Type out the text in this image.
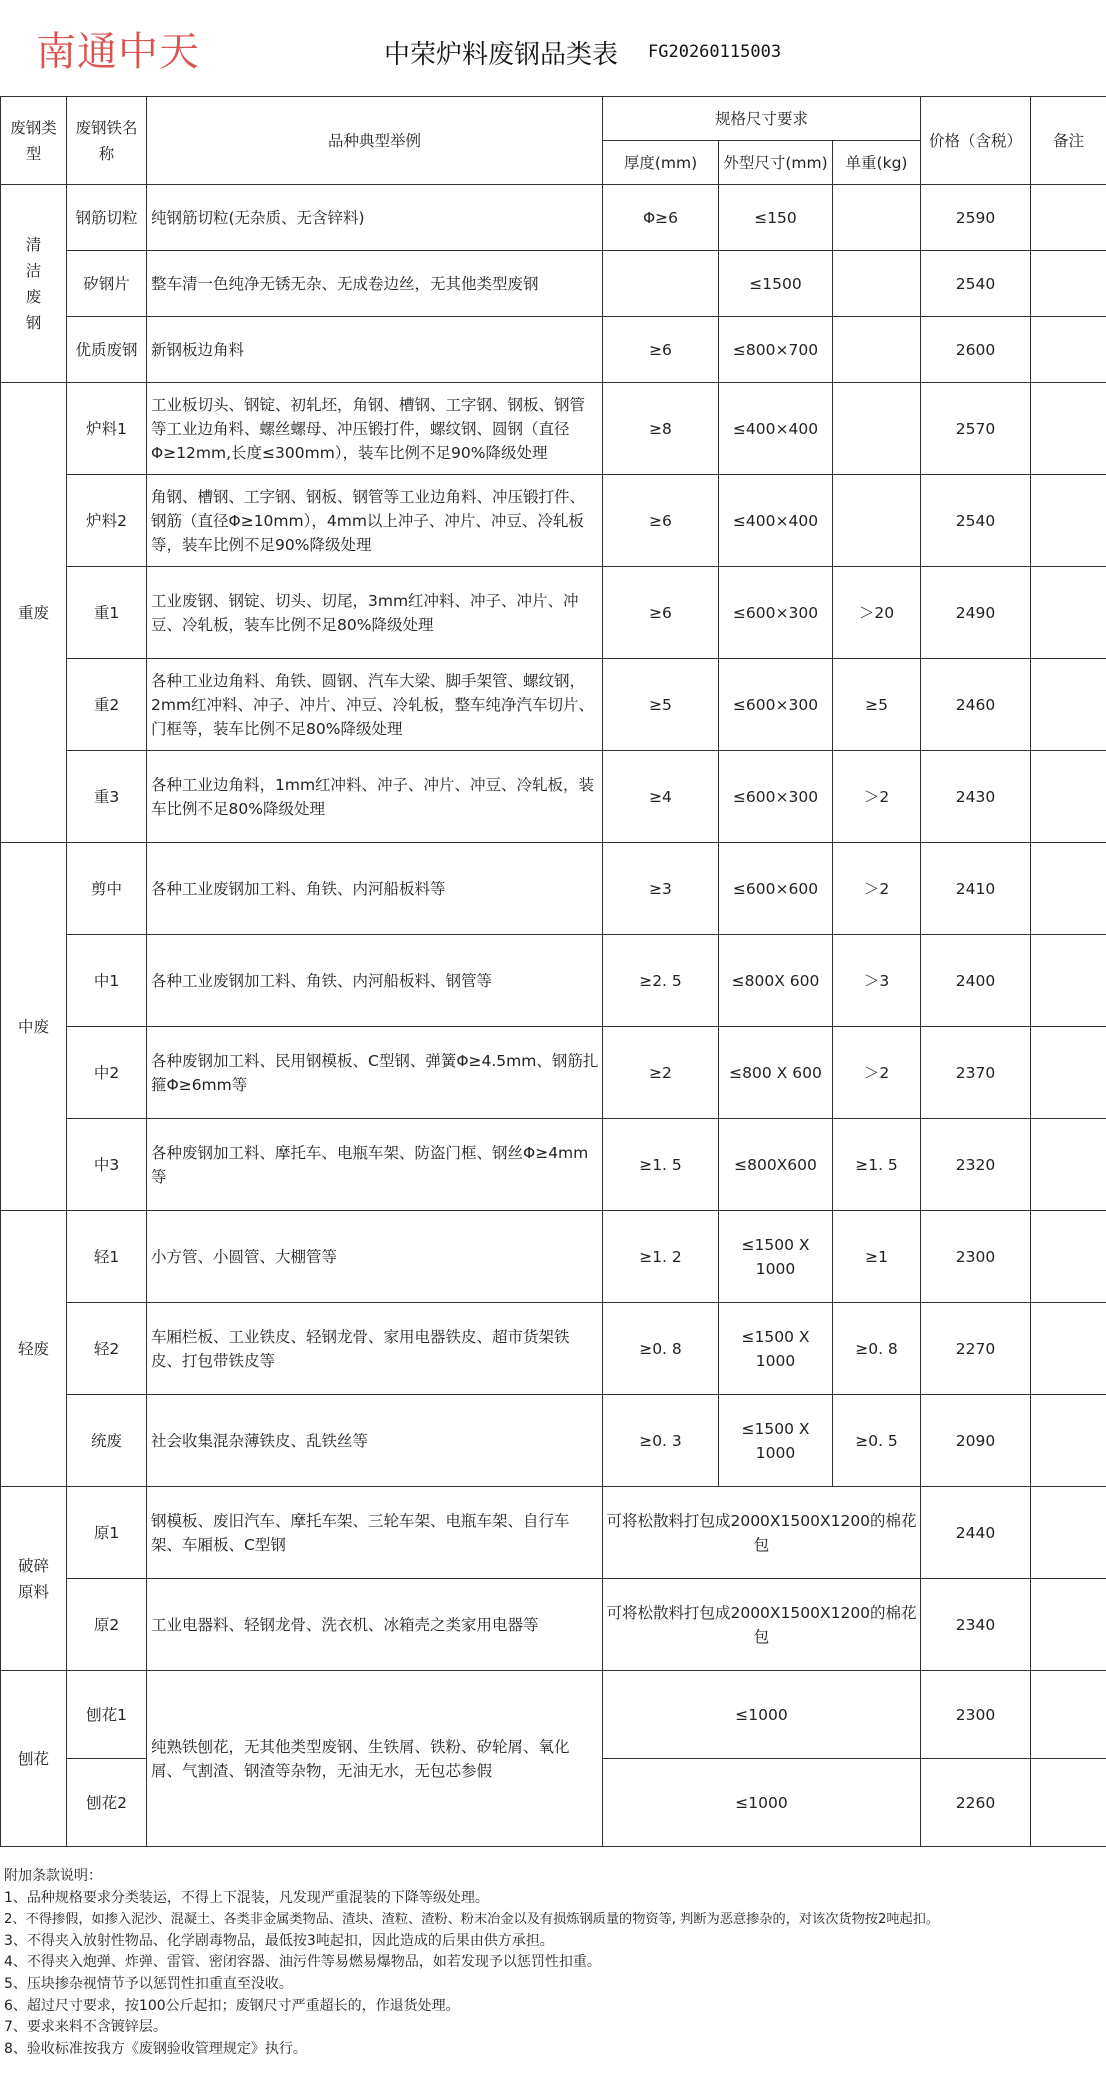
南通中天	中荣炉料废钢品类表 FG20260115003
废钢类型	废钢铁名称	品种典型举例	规格尺寸要求			价格（含税）	备注
			厚度(mm)	外型尺寸(mm)	单重(kg)		
清洁废钢	钢筋切粒	纯钢筋切粒(无杂质、无含锌料)	Φ≥6	≤150		2590	
	矽钢片	整车清一色纯净无锈无杂、无成卷边丝，无其他类型废钢		≤1500		2540	
	优质废钢	新钢板边角料	≥6	≤800×700		2600	
重废	炉料1	工业板切头、钢锭、初轧坯，角钢、槽钢、工字钢、钢板、钢管等工业边角料、螺丝螺母、冲压锻打件，螺纹钢、圆钢（直径Φ≥12mm,长度≤300mm），装车比例不足90%降级处理	≥8	≤400×400		2570	
	炉料2	角钢、槽钢、工字钢、钢板、钢管等工业边角料、冲压锻打件、钢筋（直径Φ≥10mm），4mm以上冲子、冲片、冲豆、冷轧板等，装车比例不足90%降级处理	≥6	≤400×400		2540	
	重1	工业废钢、钢锭、切头、切尾，3mm红冲料、冲子、冲片、冲豆、冷轧板，装车比例不足80%降级处理	≥6	≤600×300	＞20	2490	
	重2	各种工业边角料、角铁、圆钢、汽车大梁、脚手架管、螺纹钢，2mm红冲料、冲子、冲片、冲豆、冷轧板，整车纯净汽车切片、门框等，装车比例不足80%降级处理	≥5	≤600×300	≥5	2460	
	重3	各种工业边角料，1mm红冲料、冲子、冲片、冲豆、冷轧板，装车比例不足80%降级处理	≥4	≤600×300	＞2	2430	
中废	剪中	各种工业废钢加工料、角铁、内河船板料等	≥3	≤600×600	＞2	2410	
	中1	各种工业废钢加工料、角铁、内河船板料、钢管等	≥2. 5	≤800X 600	＞3	2400	
	中2	各种废钢加工料、民用钢模板、C型钢、弹簧Φ≥4.5mm、钢筋扎箍Φ≥6mm等	≥2	≤800 X 600	＞2	2370	
	中3	各种废钢加工料、摩托车、电瓶车架、防盗门框、钢丝Φ≥4mm等	≥1. 5	≤800X600	≥1. 5	2320	
轻废	轻1	小方管、小圆管、大棚管等	≥1. 2	≤1500 X 1000	≥1	2300	
	轻2	车厢栏板、工业铁皮、轻钢龙骨、家用电器铁皮、超市货架铁皮、打包带铁皮等	≥0. 8	≤1500 X 1000	≥0. 8	2270	
	统废	社会收集混杂薄铁皮、乱铁丝等	≥0. 3	≤1500 X 1000	≥0. 5	2090	
破碎原料	原1	钢模板、废旧汽车、摩托车架、三轮车架、电瓶车架、自行车架、车厢板、C型钢	可将松散料打包成2000X1500X1200的棉花包			2440	
	原2	工业电器料、轻钢龙骨、洗衣机、冰箱壳之类家用电器等	可将松散料打包成2000X1500X1200的棉花包			2340	
刨花	刨花1	纯熟铁刨花，无其他类型废钢、生铁屑、铁粉、矽轮屑、氧化屑、气割渣、钢渣等杂物，无油无水，无包芯参假	≤1000			2300	
	刨花2		≤1000			2260	
附加条款说明：
1、品种规格要求分类装运，不得上下混装，凡发现严重混装的下降等级处理。
2、不得掺假，如掺入泥沙、混凝土、各类非金属类物品、渣块、渣粒、渣粉、粉末冶金以及有损炼钢质量的物资等, 判断为恶意掺杂的，对该次货物按2吨起扣。
3、不得夹入放射性物品、化学剧毒物品，最低按3吨起扣，因此造成的后果由供方承担。
4、不得夹入炮弹、炸弹、雷管、密闭容器、油污件等易燃易爆物品，如若发现予以惩罚性扣重。
5、压块掺杂视情节予以惩罚性扣重直至没收。
6、超过尺寸要求，按100公斤起扣；废钢尺寸严重超长的，作退货处理。
7、要求来料不含镀锌层。
8、验收标准按我方《废钢验收管理规定》执行。
